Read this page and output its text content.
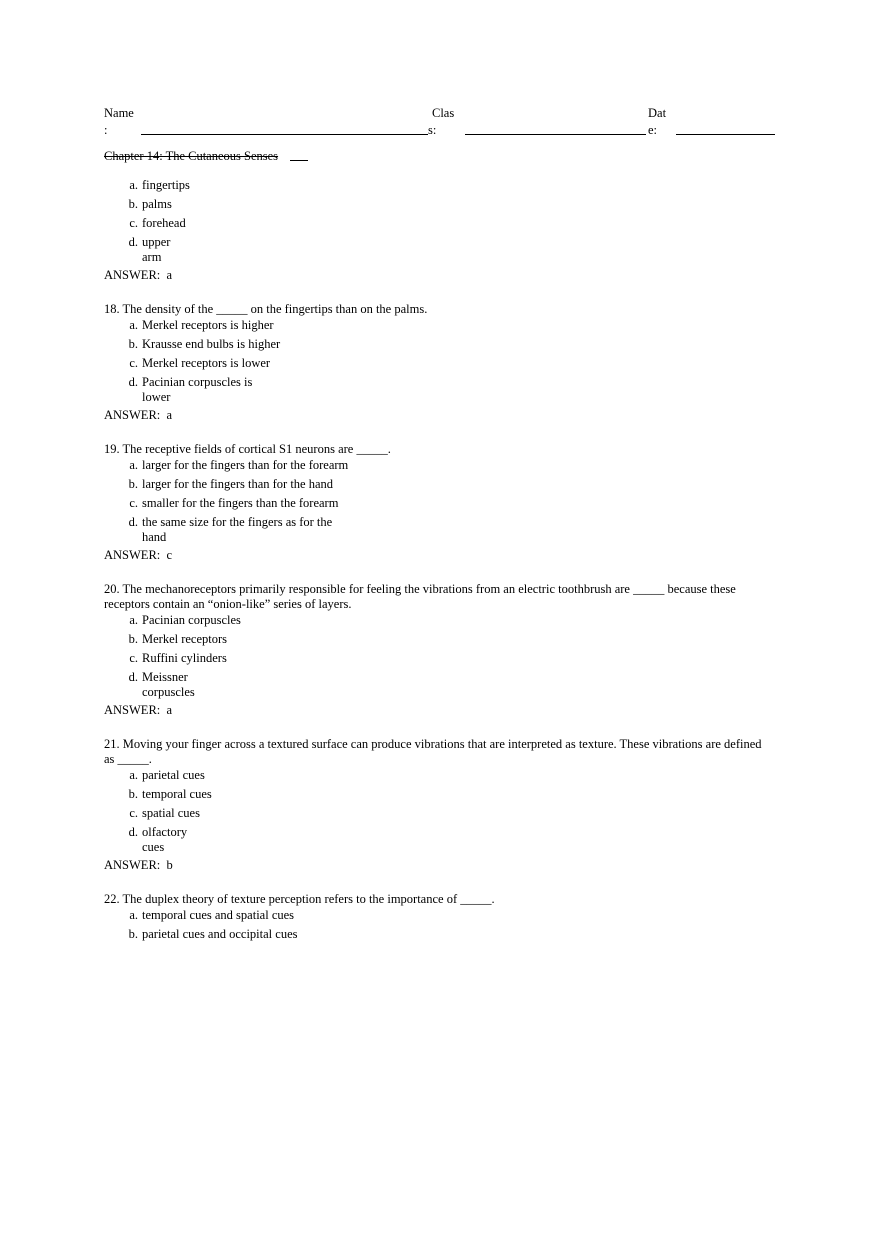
Name
:
Clas
s:
Dat
e:
Chapter 14: The Cutaneous Senses
a. fingertips
b. palms
c. forehead
d. upper
arm
ANSWER: a

18. The density of the _____ on the fingertips than on the palms.

a. Merkel receptors is higher
b. Krausse end bulbs is higher
c. Merkel receptors is lower
d. Pacinian corpuscles is
lower
ANSWER: a

19. The receptive fields of cortical S1 neurons are _____.

a. larger for the fingers than for the forearm
b. larger for the fingers than for the hand
c. smaller for the fingers than the forearm
d. the same size for the fingers as for the
hand
ANSWER: c

20. The mechanoreceptors primarily responsible for feeling the vibrations from an electric toothbrush are _____ because these receptors contain an “onion-like” series of layers.

a. Pacinian corpuscles
b. Merkel receptors
c. Ruffini cylinders
d. Meissner
corpuscles
ANSWER: a

21. Moving your finger across a textured surface can produce vibrations that are interpreted as texture. These vibrations are defined as _____.

a. parietal cues
b. temporal cues
c. spatial cues
d. olfactory
cues
ANSWER: b

22. The duplex theory of texture perception refers to the importance of _____.

a. temporal cues and spatial cues
b. parietal cues and occipital cues
